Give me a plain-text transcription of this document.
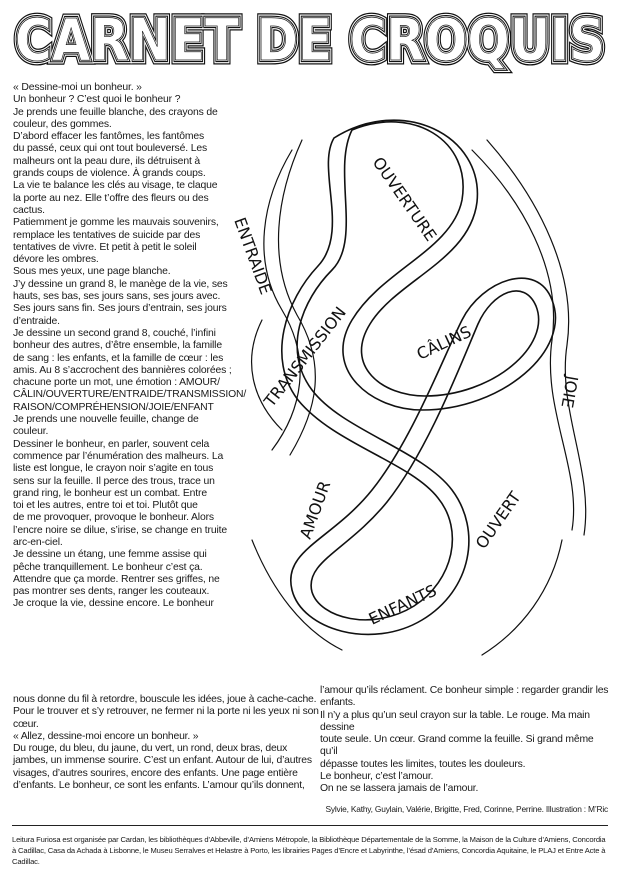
CARNET DE CROQUIS
CARNET DE CROQUIS
CARNET DE CROQUIS
CARNET DE CROQUIS
CARNET DE CROQUIS
« Dessine-moi un bonheur. »
Un bonheur ? C’est quoi le bonheur ?
Je prends une feuille blanche, des crayons de
couleur, des gommes.
D’abord effacer les fantômes, les fantômes
du passé, ceux qui ont tout bouleversé. Les
malheurs ont la peau dure, ils détruisent à
grands coups de violence. À grands coups.
La vie te balance les clés au visage, te claque
la porte au nez. Elle t’offre des fleurs ou des
cactus.
Patiemment je gomme les mauvais souvenirs,
remplace les tentatives de suicide par des
tentatives de vivre. Et petit à petit le soleil
dévore les ombres.
Sous mes yeux, une page blanche.
J’y dessine un grand 8, le manège de la vie, ses
hauts, ses bas, ses jours sans, ses jours avec.
Ses jours sans fin. Ses jours d’entrain, ses jours
d’entraide.
Je dessine un second grand 8, couché, l’infini
bonheur des autres, d’être ensemble, la famille
de sang : les enfants, et la famille de cœur : les
amis. Au 8 s’accrochent des bannières colorées ;
chacune porte un mot, une émotion : AMOUR/
CÂLIN/OUVERTURE/ENTRAIDE/TRANSMISSION/
RAISON/COMPRÉHENSION/JOIE/ENFANT
Je prends une nouvelle feuille, change de
couleur.
Dessiner le bonheur, en parler, souvent cela
commence par l’énumération des malheurs. La
liste est longue, le crayon noir s’agite en tous
sens sur la feuille. Il perce des trous, trace un
grand ring, le bonheur est un combat. Entre
toi et les autres, entre toi et toi. Plutôt que
de me provoquer, provoque le bonheur. Alors
l’encre noire se dilue, s’irise, se change en truite
arc-en-ciel.
Je dessine un étang, une femme assise qui
pêche tranquillement. Le bonheur c’est ça.
Attendre que ça morde. Rentrer ses griffes, ne
pas montrer ses dents, ranger les couteaux.
Je croque la vie, dessine encore. Le bonheur
OUVERTURE
ENTRAIDE
TRANSMISSION	CÂLINS
JOIE
AMOUR	OUVERT
ENFANTS
nous donne du fil à retordre, bouscule les idées, joue à cache-cache.
Pour le trouver et s’y retrouver, ne fermer ni la porte ni les yeux ni son
cœur.
« Allez, dessine-moi encore un bonheur. »
Du rouge, du bleu, du jaune, du vert, un rond, deux bras, deux
jambes, un immense sourire. C’est un enfant. Autour de lui, d’autres
visages, d’autres sourires, encore des enfants. Une page entière
d’enfants. Le bonheur, ce sont les enfants. L’amour qu’ils donnent,
l’amour qu’ils réclament. Ce bonheur simple : regarder grandir les
enfants.
Il n’y a plus qu’un seul crayon sur la table. Le rouge. Ma main dessine
toute seule. Un cœur. Grand comme la feuille. Si grand même qu’il
dépasse toutes les limites, toutes les douleurs.
Le bonheur, c’est l’amour.
On ne se lassera jamais de l’amour.
Sylvie, Kathy, Guylain, Valérie, Brigitte, Fred, Corinne, Perrine. Illustration : M’Ric
Leitura Furiosa est organisée par Cardan, les bibliothèques d’Abbeville, d’Amiens Métropole, la Bibliothèque Départementale de la Somme, la Maison de la Culture d’Amiens, Concordia à Cadillac, Casa da Achada à Lisbonne, le Museu Serralves et Helastre à Porto, les librairies Pages d’Encre et Labyrinthe, l’ésad d’Amiens, Concordia Aquitaine, le PLAJ et Entre Acte à Cadillac.
